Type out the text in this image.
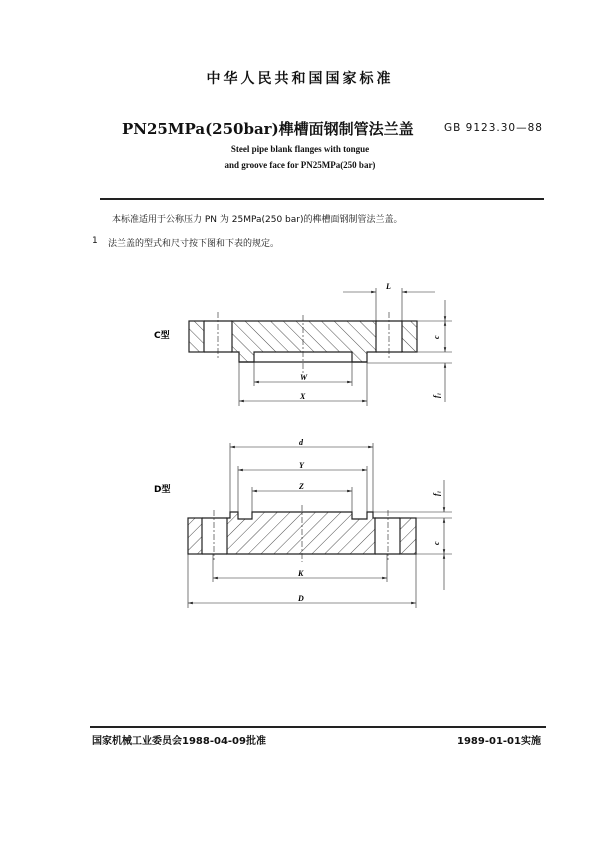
中华人民共和国国家标准
PN25MPa(250bar)榫槽面钢制管法兰盖	GB 9123.30—88
Steel pipe blank flanges with tongue
and groove face for PN25MPa(250 bar)
本标准适用于公称压力 PN 为 25MPa(250 bar)的榫槽面钢制管法兰盖。
1 法兰盖的型式和尺寸按下图和下表的规定。
C型
D型
L
c
f₁
W
X
d
Y
Z
f₁
c
K
D
国家机械工业委员会1988-04-09批准	1989-01-01实施
